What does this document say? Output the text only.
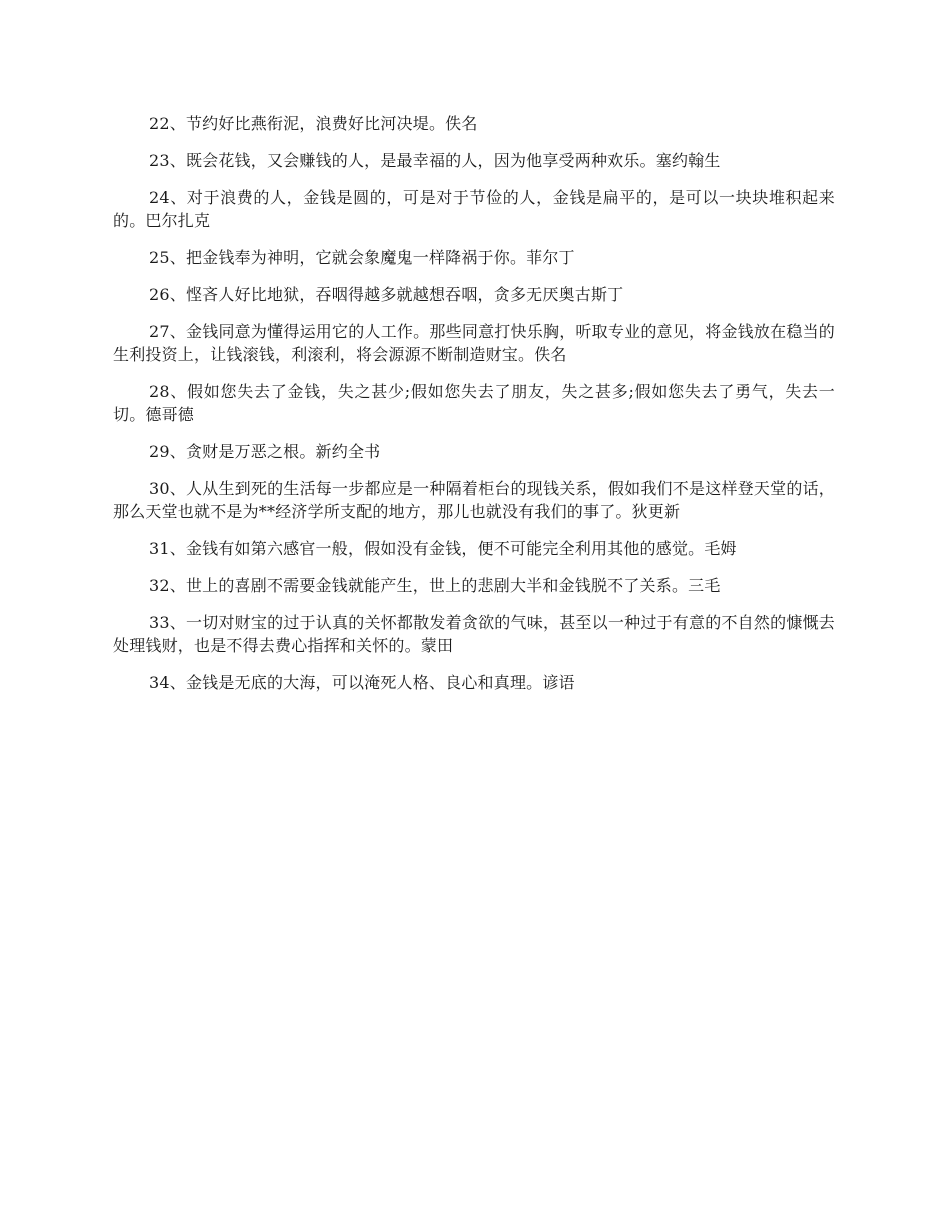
22、节约好比燕衔泥，浪费好比河决堤。佚名

23、既会花钱，又会赚钱的人，是最幸福的人，因为他享受两种欢乐。塞约翰生

24、对于浪费的人，金钱是圆的，可是对于节俭的人，金钱是扁平的，是可以一块块堆积起来的。巴尔扎克

25、把金钱奉为神明，它就会象魔鬼一样降祸于你。菲尔丁

26、悭吝人好比地狱，吞咽得越多就越想吞咽，贪多无厌奥古斯丁

27、金钱同意为懂得运用它的人工作。那些同意打快乐胸，听取专业的意见，将金钱放在稳当的生利投资上，让钱滚钱，利滚利，将会源源不断制造财宝。佚名

28、假如您失去了金钱，失之甚少;假如您失去了朋友，失之甚多;假如您失去了勇气，失去一切。德哥德

29、贪财是万恶之根。新约全书

30、人从生到死的生活每一步都应是一种隔着柜台的现钱关系，假如我们不是这样登天堂的话，那么天堂也就不是为**经济学所支配的地方，那儿也就没有我们的事了。狄更新

31、金钱有如第六感官一般，假如没有金钱，便不可能完全利用其他的感觉。毛姆

32、世上的喜剧不需要金钱就能产生，世上的悲剧大半和金钱脱不了关系。三毛

33、一切对财宝的过于认真的关怀都散发着贪欲的气味，甚至以一种过于有意的不自然的慷慨去处理钱财，也是不得去费心指挥和关怀的。蒙田

34、金钱是无底的大海，可以淹死人格、良心和真理。谚语
